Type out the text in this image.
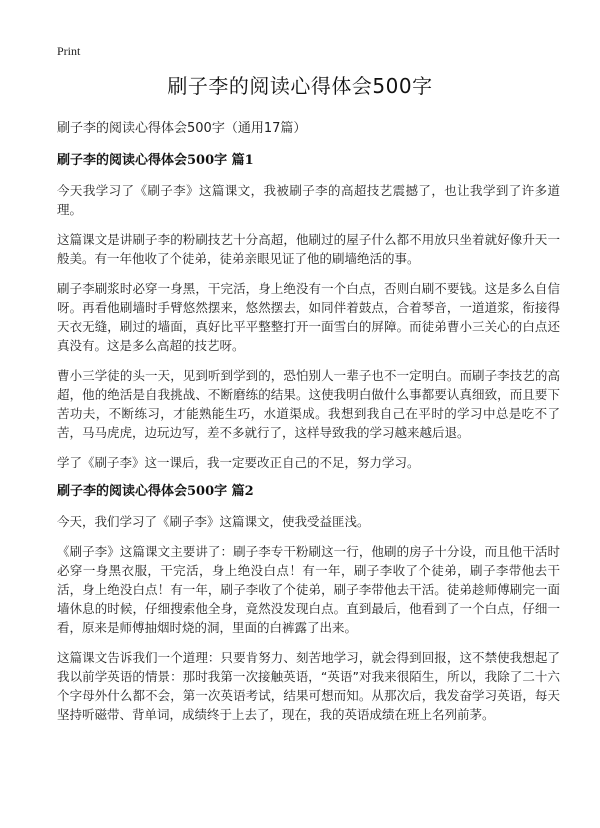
Print
刷子李的阅读心得体会500字
刷子李的阅读心得体会500字（通用17篇）
刷子李的阅读心得体会500字 篇1

今天我学习了《刷子李》这篇课文，我被刷子李的高超技艺震撼了，也让我学到了许多道理。

这篇课文是讲刷子李的粉刷技艺十分高超，他刷过的屋子什么都不用放只坐着就好像升天一般美。有一年他收了个徒弟，徒弟亲眼见证了他的刷墙绝活的事。

刷子李刷浆时必穿一身黑，干完活，身上绝没有一个白点，否则白刷不要钱。这是多么自信呀。再看他刷墙时手臂悠然摆来，悠然摆去，如同伴着鼓点，合着琴音，一道道浆，衔接得天衣无缝，刷过的墙面，真好比平平整整打开一面雪白的屏障。而徒弟曹小三关心的白点还真没有。这是多么高超的技艺呀。

曹小三学徒的头一天，见到听到学到的，恐怕别人一辈子也不一定明白。而刷子李技艺的高超，他的绝活是自我挑战、不断磨练的结果。这使我明白做什么事都要认真细致，而且要下苦功夫，不断练习，才能熟能生巧，水道渠成。我想到我自己在平时的学习中总是吃不了苦，马马虎虎，边玩边写，差不多就行了，这样导致我的学习越来越后退。

学了《刷子李》这一课后，我一定要改正自己的不足，努力学习。

刷子李的阅读心得体会500字 篇2

今天，我们学习了《刷子李》这篇课文，使我受益匪浅。

《刷子李》这篇课文主要讲了：刷子李专干粉刷这一行，他刷的房子十分设，而且他干活时必穿一身黑衣服，干完活，身上绝没白点！有一年，刷子李收了个徒弟，刷子李带他去干活，身上绝没白点！有一年，刷子李收了个徒弟，刷子李带他去干活。徒弟趁师傅刷完一面墙休息的时候，仔细搜索他全身，竟然没发现白点。直到最后，他看到了一个白点，仔细一看，原来是师傅抽烟时烧的洞，里面的白裤露了出来。

这篇课文告诉我们一个道理：只要肯努力、刻苦地学习，就会得到回报，这不禁使我想起了我以前学英语的情景：那时我第一次接触英语，“英语”对我来很陌生，所以，我除了二十六个字母外什么都不会，第一次英语考试，结果可想而知。从那次后，我发奋学习英语，每天坚持听磁带、背单词，成绩终于上去了，现在，我的英语成绩在班上名列前茅。
